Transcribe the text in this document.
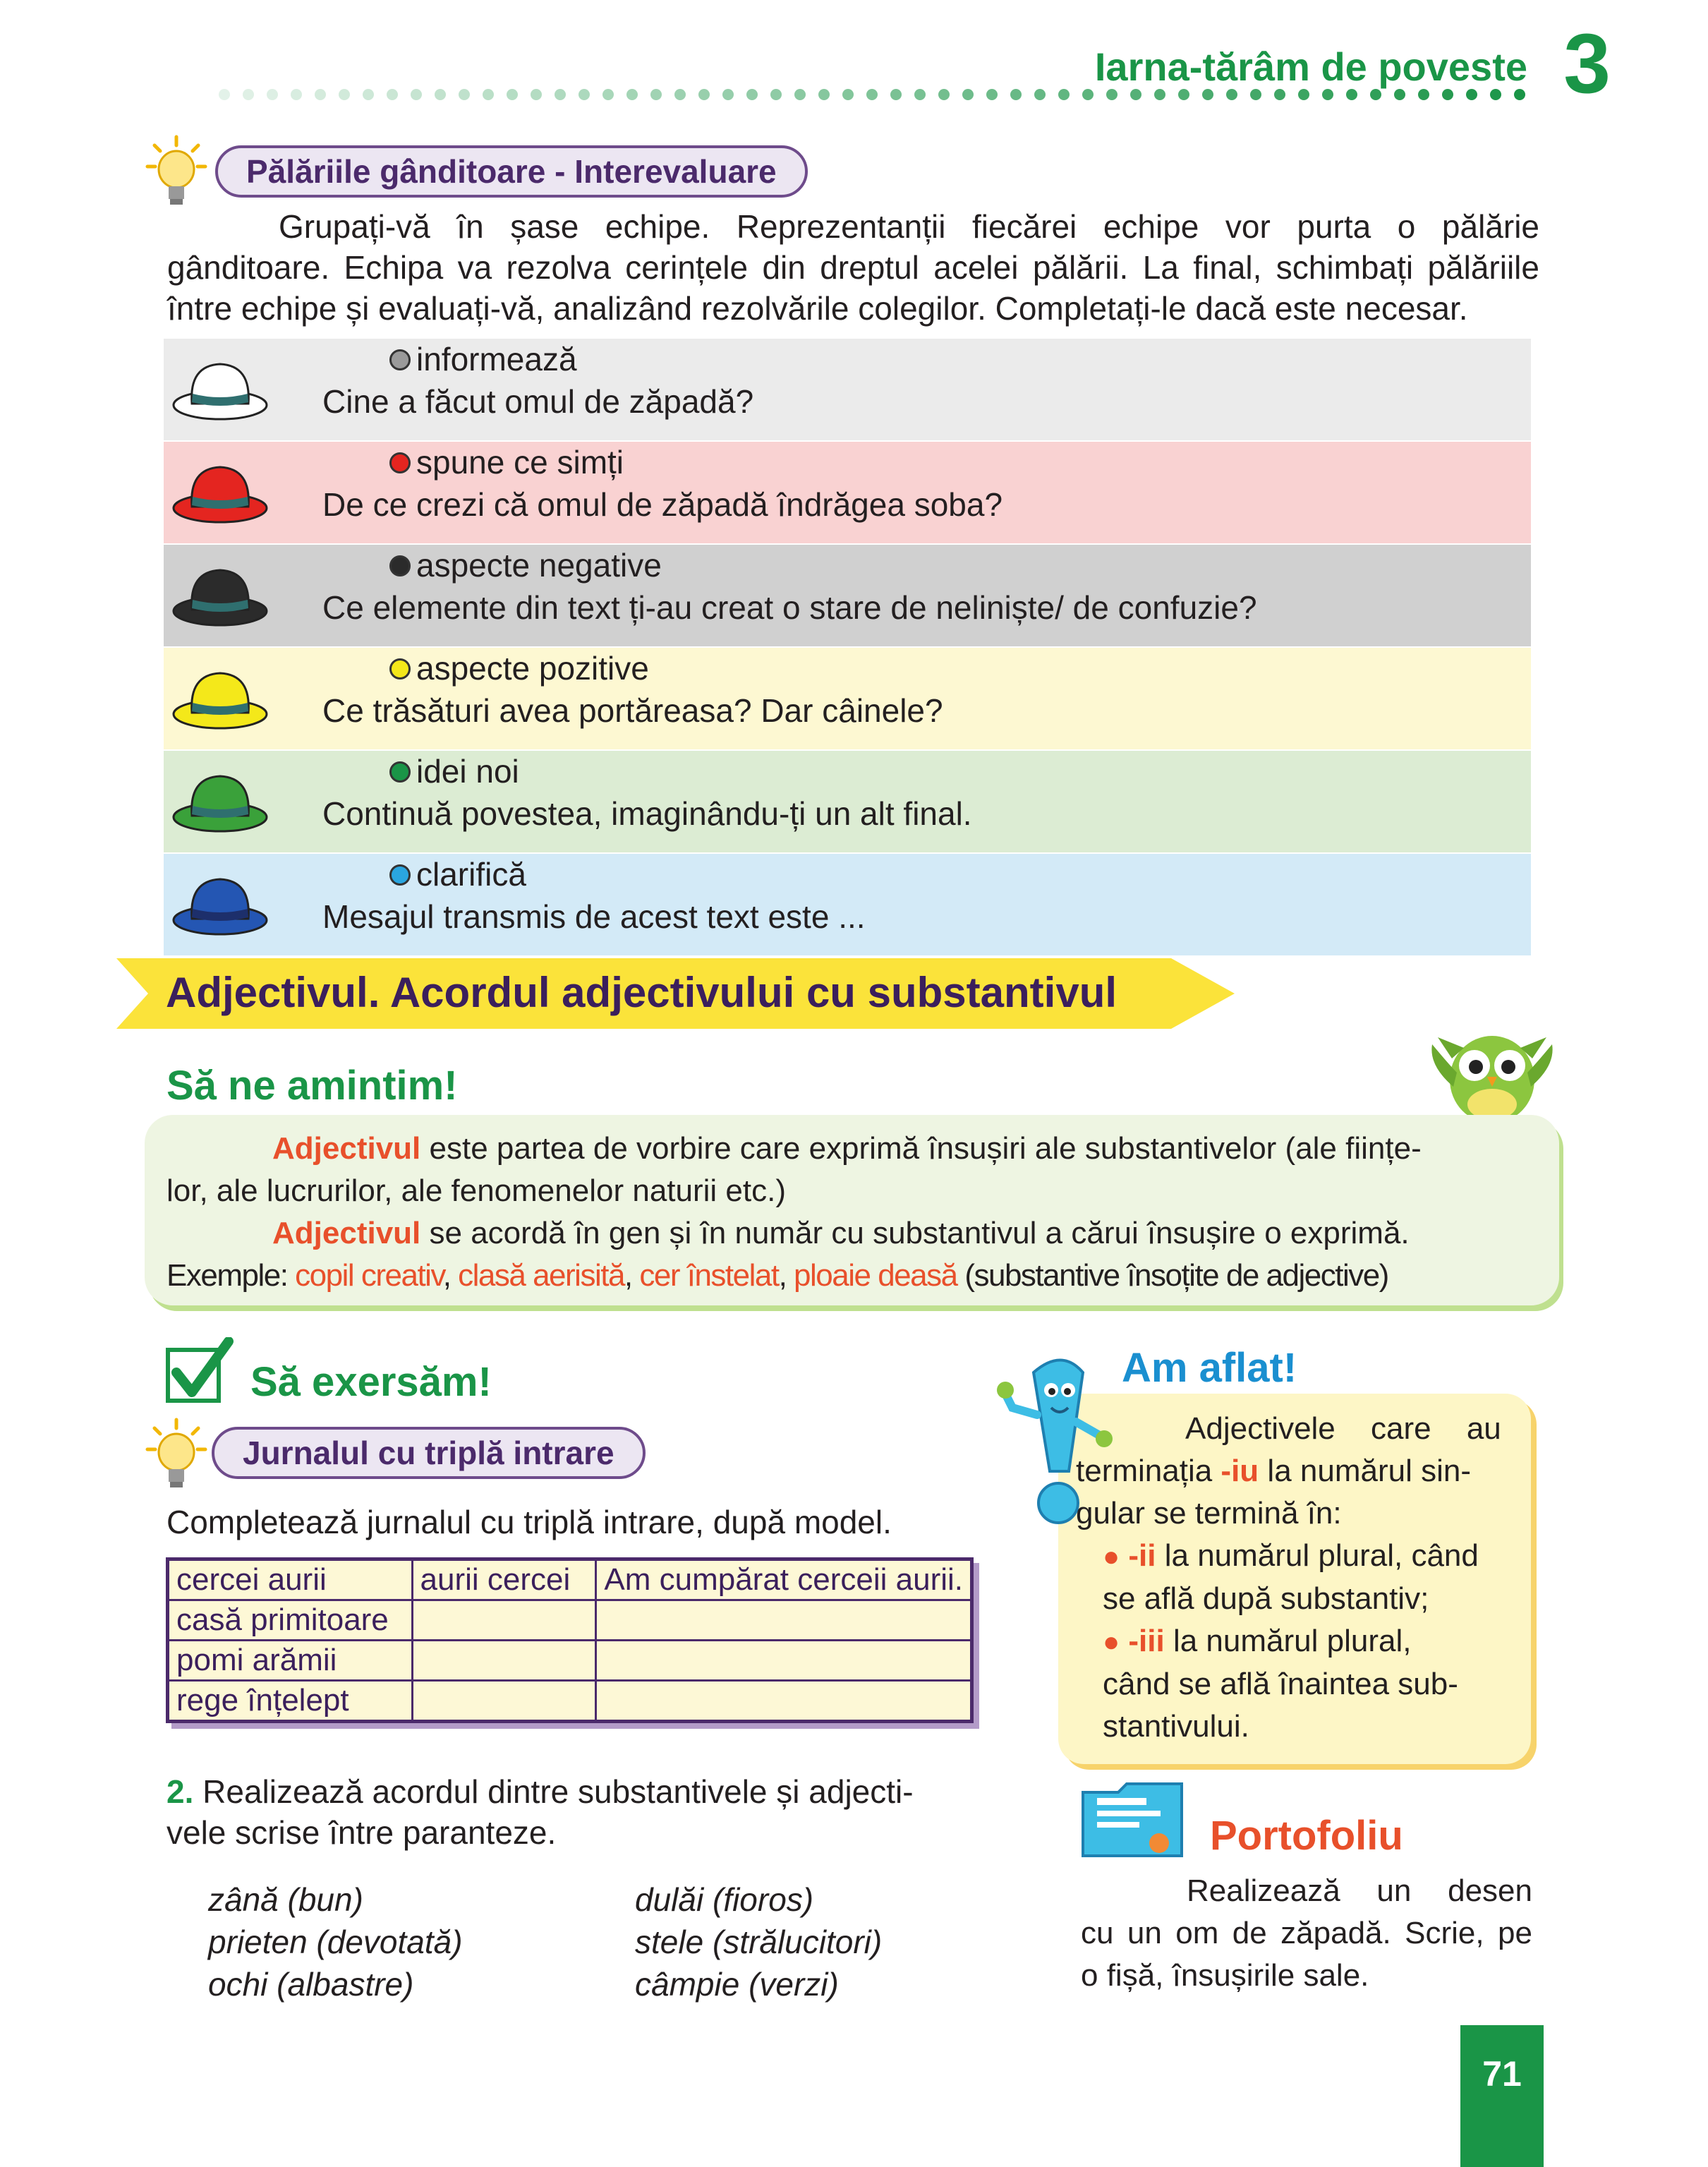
Iarna-tărâm de poveste 3
Pălăriile gânditoare - Interevaluare
Grupați-vă în șase echipe. Reprezentanții fiecărei echipe vor purta o pălărie
gânditoare. Echipa va rezolva cerințele din dreptul acelei pălării. La final, schimbați pălăriile
între echipe și evaluați-vă, analizând rezolvările colegilor. Completați-le dacă este necesar.
informează
Cine a făcut omul de zăpadă?
spune ce simți
De ce crezi că omul de zăpadă îndrăgea soba?
aspecte negative
Ce elemente din text ți-au creat o stare de neliniște/ de confuzie?
aspecte pozitive
Ce trăsături avea portăreasa? Dar câinele?
idei noi
Continuă povestea, imaginându-ți un alt final.
clarifică
Mesajul transmis de acest text este ...
Adjectivul. Acordul adjectivului cu substantivul
Să ne amintim!
Adjectivul este partea de vorbire care exprimă însușiri ale substantivelor (ale ființe-
lor, ale lucrurilor, ale fenomenelor naturii etc.)
Adjectivul se acordă în gen și în număr cu substantivul a cărui însușire o exprimă.
Exemple: copil creativ, clasă aerisită, cer înstelat, ploaie deasă (substantive însoțite de adjective)
Să exersăm!
Jurnalul cu triplă intrare
Completează jurnalul cu triplă intrare, după model.
cercei aurii	aurii cercei	Am cumpărat cerceii aurii.
casă primitoare		
pomi arămii		
rege înțelept		
2. Realizează acordul dintre substantivele și adjecti-
vele scrise între paranteze.
zână (bun)
prieten (devotată)
ochi (albastre)
dulăi (fioros)
stele (strălucitori)
câmpie (verzi)
Am aflat!
Adjectivele care au
terminația -iu la numărul sin-
gular se termină în:
● -ii la numărul plural, când
se află după substantiv;
● -iii la numărul plural,
când se află înaintea sub-
stantivului.
Portofoliu
Realizează un desen
cu un om de zăpadă. Scrie, pe
o fișă, însușirile sale.
71
